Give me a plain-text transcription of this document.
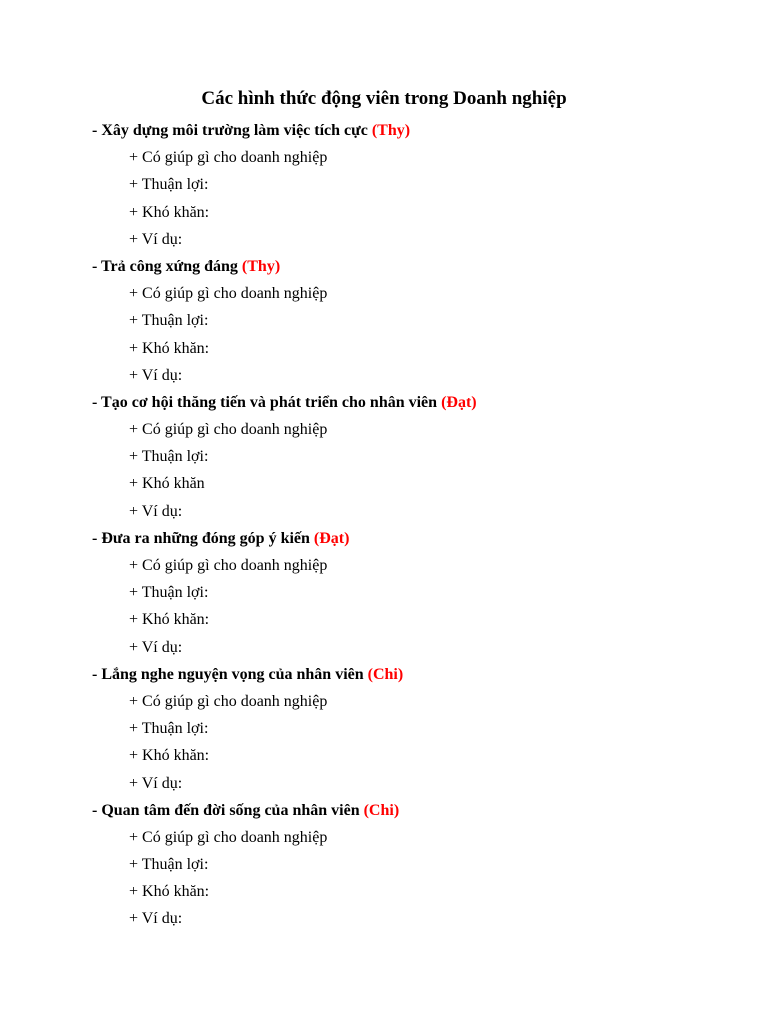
Các hình thức động viên trong Doanh nghiệp
- Xây dựng môi trường làm việc tích cực (Thy)
+ Có giúp gì cho doanh nghiệp
+ Thuận lợi:
+ Khó khăn:
+ Ví dụ:
- Trả công xứng đáng (Thy)
+ Có giúp gì cho doanh nghiệp
+ Thuận lợi:
+ Khó khăn:
+ Ví dụ:
- Tạo cơ hội thăng tiến và phát triển cho nhân viên (Đạt)
+ Có giúp gì cho doanh nghiệp
+ Thuận lợi:
+ Khó khăn
+ Ví dụ:
- Đưa ra những đóng góp ý kiến (Đạt)
+ Có giúp gì cho doanh nghiệp
+ Thuận lợi:
+ Khó khăn:
+ Ví dụ:
- Lắng nghe nguyện vọng của nhân viên (Chi)
+ Có giúp gì cho doanh nghiệp
+ Thuận lợi:
+ Khó khăn:
+ Ví dụ:
- Quan tâm đến đời sống của nhân viên (Chi)
+ Có giúp gì cho doanh nghiệp
+ Thuận lợi:
+ Khó khăn:
+ Ví dụ:
